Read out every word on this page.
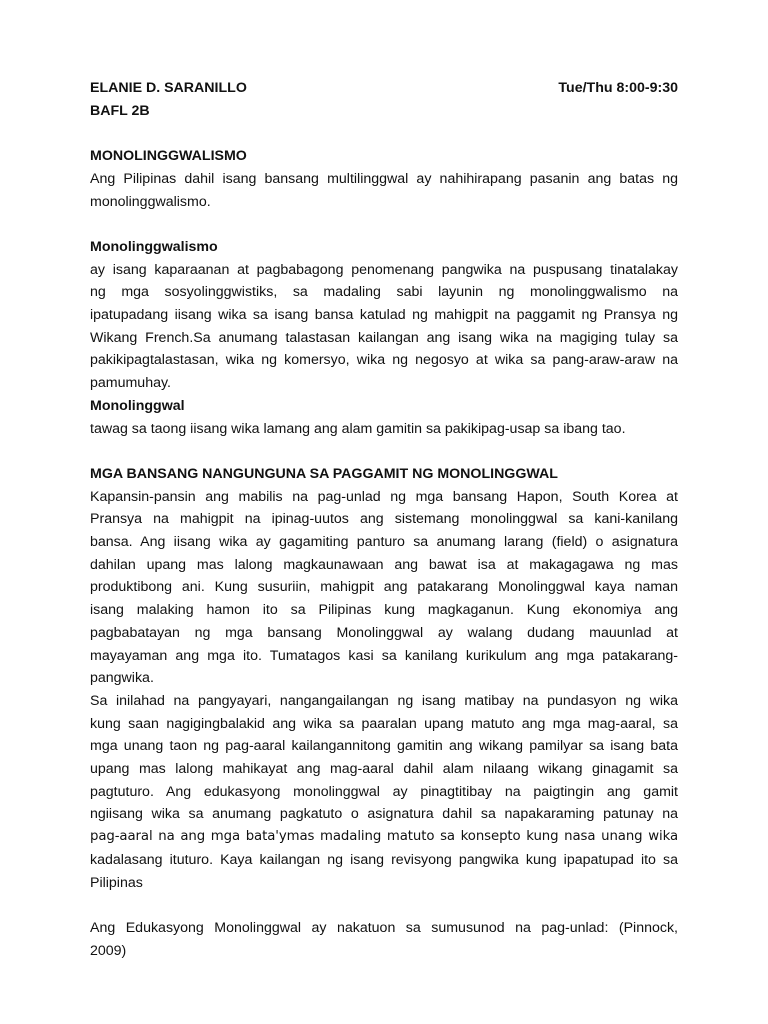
ELANIE D. SARANILLO	Tue/Thu 8:00-9:30
BAFL 2B
MONOLINGGWALISMO
Ang Pilipinas dahil isang bansang multilinggwal ay nahihirapang pasanin ang batas ng
monolinggwalismo.
Monolinggwalismo
ay isang kaparaanan at pagbabagong penomenang pangwika na puspusang tinatalakay
ng mga sosyolinggwistiks, sa madaling sabi layunin ng monolinggwalismo na
ipatupadang iisang wika sa isang bansa katulad ng mahigpit na paggamit ng Pransya ng
Wikang French.Sa anumang talastasan kailangan ang isang wika na magiging tulay sa
pakikipagtalastasan, wika ng komersyo, wika ng negosyo at wika sa pang-araw-araw na
pamumuhay.
Monolinggwal
tawag sa taong iisang wika lamang ang alam gamitin sa pakikipag-usap sa ibang tao.
MGA BANSANG NANGUNGUNA SA PAGGAMIT NG MONOLINGGWAL
Kapansin-pansin ang mabilis na pag-unlad ng mga bansang Hapon, South Korea at
Pransya na mahigpit na ipinag-uutos ang sistemang monolinggwal sa kani-kanilang
bansa. Ang iisang wika ay gagamiting panturo sa anumang larang (field) o asignatura
dahilan upang mas lalong magkaunawaan ang bawat isa at makagagawa ng mas
produktibong ani. Kung susuriin, mahigpit ang patakarang Monolinggwal kaya naman
isang malaking hamon ito sa Pilipinas kung magkaganun. Kung ekonomiya ang
pagbabatayan ng mga bansang Monolinggwal ay walang dudang mauunlad at
mayayaman ang mga ito. Tumatagos kasi sa kanilang kurikulum ang mga patakarang-
pangwika.
Sa inilahad na pangyayari, nangangailangan ng isang matibay na pundasyon ng wika
kung saan nagigingbalakid ang wika sa paaralan upang matuto ang mga mag-aaral, sa
mga unang taon ng pag-aaral kailangannitong gamitin ang wikang pamilyar sa isang bata
upang mas lalong mahikayat ang mag-aaral dahil alam nilaang wikang ginagamit sa
pagtuturo. Ang edukasyong monolinggwal ay pinagtitibay na paigtingin ang gamit
ngiisang wika sa anumang pagkatuto o asignatura dahil sa napakaraming patunay na
pag-aaral na ang mga bata'ymas madaling matuto sa konsepto kung nasa unang wika
kadalasang ituturo. Kaya kailangan ng isang revisyong pangwika kung ipapatupad ito sa
Pilipinas
Ang Edukasyong Monolinggwal ay nakatuon sa sumusunod na pag-unlad: (Pinnock,
2009)
